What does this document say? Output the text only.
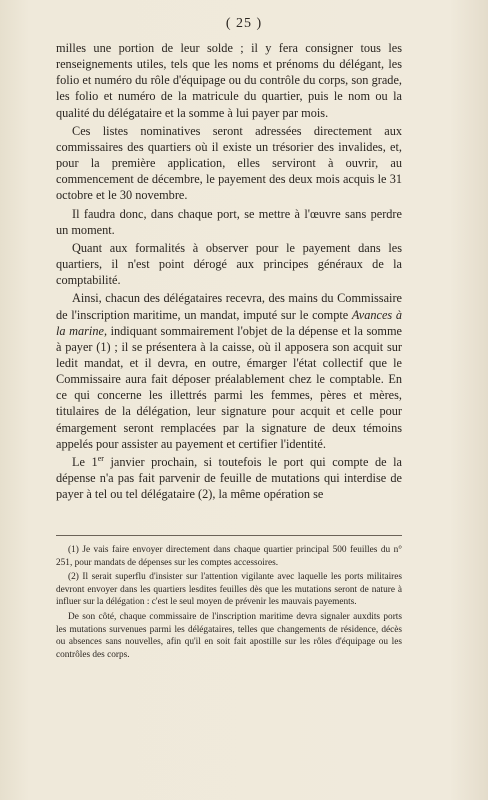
( 25 )

milles une portion de leur solde ; il y fera consigner tous les renseignements utiles, tels que les noms et prénoms du délégant, les folio et numéro du rôle d'équipage ou du contrôle du corps, son grade, les folio et numéro de la matricule du quartier, puis le nom ou la qualité du délégataire et la somme à lui payer par mois.

Ces listes nominatives seront adressées directement aux commissaires des quartiers où il existe un trésorier des invalides, et, pour la première application, elles serviront à ouvrir, au commencement de décembre, le payement des deux mois acquis le 31 octobre et le 30 novembre.

Il faudra donc, dans chaque port, se mettre à l'œuvre sans perdre un moment.

Quant aux formalités à observer pour le payement dans les quartiers, il n'est point dérogé aux principes généraux de la comptabilité.

Ainsi, chacun des délégataires recevra, des mains du Commissaire de l'inscription maritime, un mandat, imputé sur le compte Avances à la marine, indiquant sommairement l'objet de la dépense et la somme à payer (1) ; il se présentera à la caisse, où il apposera son acquit sur ledit mandat, et il devra, en outre, émarger l'état collectif que le Commissaire aura fait déposer préalablement chez le comptable. En ce qui concerne les illettrés parmi les femmes, pères et mères, titulaires de la délégation, leur signature pour acquit et celle pour émargement seront remplacées par la signature de deux témoins appelés pour assister au payement et certifier l'identité.

Le 1er janvier prochain, si toutefois le port qui compte de la dépense n'a pas fait parvenir de feuille de mutations qui interdise de payer à tel ou tel délégataire (2), la même opération se

(1) Je vais faire envoyer directement dans chaque quartier principal 500 feuilles du n° 251, pour mandats de dépenses sur les comptes accessoires.

(2) Il serait superflu d'insister sur l'attention vigilante avec laquelle les ports militaires devront envoyer dans les quartiers lesdites feuilles dès que les mutations seront de nature à influer sur la délégation : c'est le seul moyen de prévenir les mauvais payements.

De son côté, chaque commissaire de l'inscription maritime devra signaler auxdits ports les mutations survenues parmi les délégataires, telles que changements de résidence, décès ou absences sans nouvelles, afin qu'il en soit fait apostille sur les rôles d'équipage ou les contrôles des corps.
